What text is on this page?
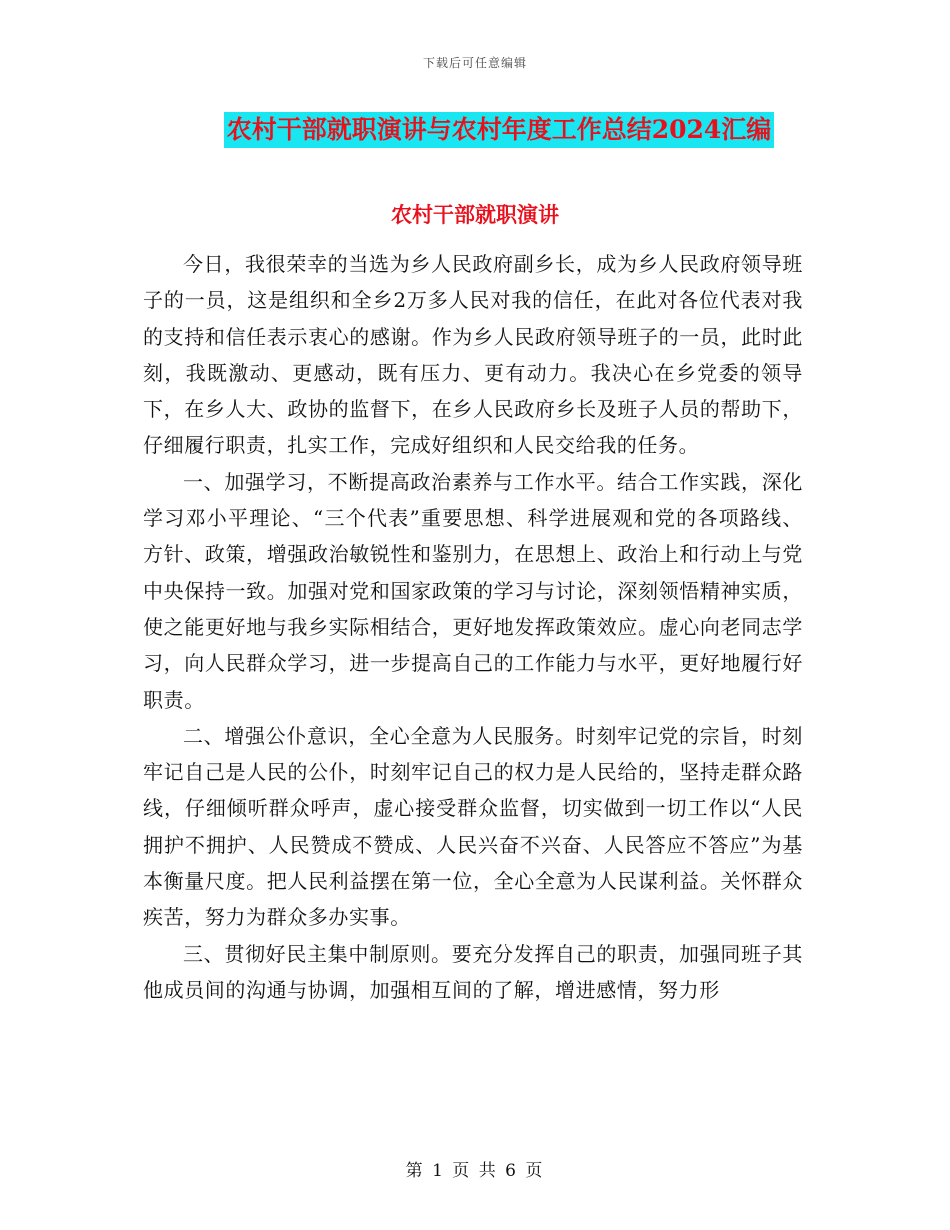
下载后可任意编辑
农村干部就职演讲与农村年度工作总结2024汇编
农村干部就职演讲

今日，我很荣幸的当选为乡人民政府副乡长，成为乡人民政府领导班子的一员，这是组织和全乡2万多人民对我的信任，在此对各位代表对我的支持和信任表示衷心的感谢。作为乡人民政府领导班子的一员，此时此刻，我既激动、更感动，既有压力、更有动力。我决心在乡党委的领导下，在乡人大、政协的监督下，在乡人民政府乡长及班子人员的帮助下，仔细履行职责，扎实工作，完成好组织和人民交给我的任务。

一、加强学习，不断提高政治素养与工作水平。结合工作实践，深化学习邓小平理论、“三个代表”重要思想、科学进展观和党的各项路线、方针、政策，增强政治敏锐性和鉴别力，在思想上、政治上和行动上与党中央保持一致。加强对党和国家政策的学习与讨论，深刻领悟精神实质，使之能更好地与我乡实际相结合，更好地发挥政策效应。虚心向老同志学习，向人民群众学习，进一步提高自己的工作能力与水平，更好地履行好职责。

二、增强公仆意识，全心全意为人民服务。时刻牢记党的宗旨，时刻牢记自己是人民的公仆，时刻牢记自己的权力是人民给的，坚持走群众路线，仔细倾听群众呼声，虚心接受群众监督，切实做到一切工作以“人民拥护不拥护、人民赞成不赞成、人民兴奋不兴奋、人民答应不答应”为基本衡量尺度。把人民利益摆在第一位，全心全意为人民谋利益。关怀群众疾苦，努力为群众多办实事。

三、贯彻好民主集中制原则。要充分发挥自己的职责，加强同班子其他成员间的沟通与协调，加强相互间的了解，增进感情，努力形

第 1 页 共 6 页
